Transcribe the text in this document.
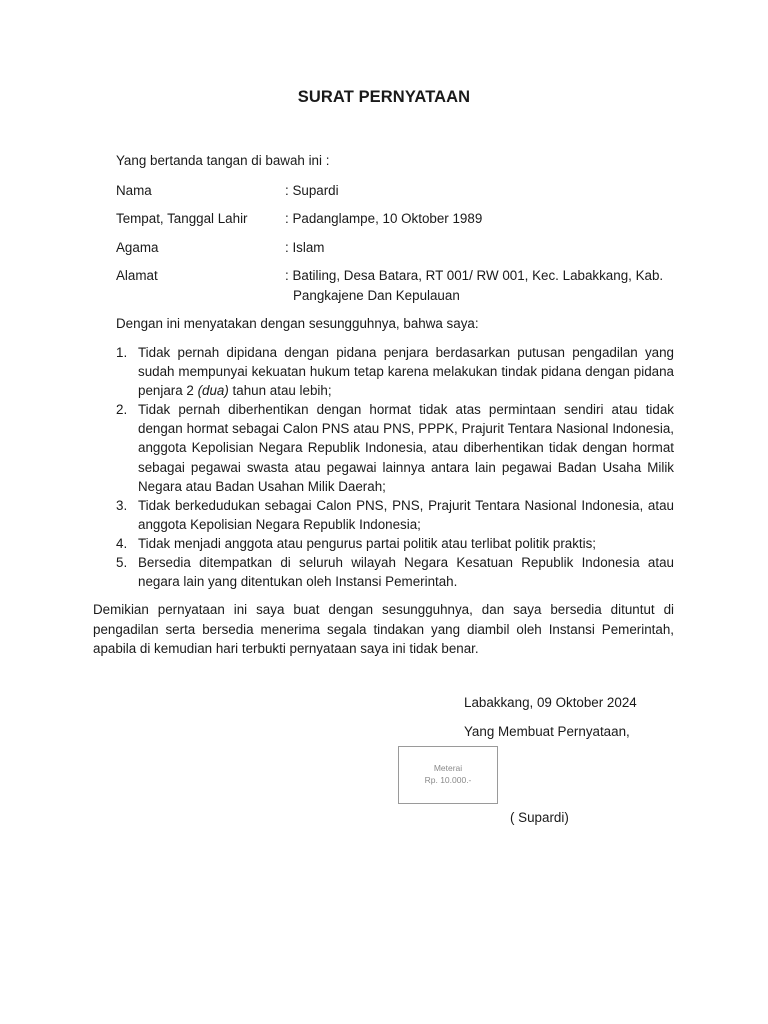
SURAT PERNYATAAN
Yang bertanda tangan di bawah ini :
Nama	: Supardi
Tempat, Tanggal Lahir	: Padanglampe, 10 Oktober 1989
Agama	: Islam
Alamat	: Batiling, Desa Batara, RT 001/ RW 001, Kec. Labakkang, Kab.
Pangkajene Dan Kepulauan
Dengan ini menyatakan dengan sesungguhnya, bahwa saya:
1. Tidak pernah dipidana dengan pidana penjara berdasarkan putusan pengadilan yang sudah mempunyai kekuatan hukum tetap karena melakukan tindak pidana dengan pidana penjara 2 (dua) tahun atau lebih;
2. Tidak pernah diberhentikan dengan hormat tidak atas permintaan sendiri atau tidak dengan hormat sebagai Calon PNS atau PNS, PPPK, Prajurit Tentara Nasional Indonesia, anggota Kepolisian Negara Republik Indonesia, atau diberhentikan tidak dengan hormat sebagai pegawai swasta atau pegawai lainnya antara lain pegawai Badan Usaha Milik Negara atau Badan Usahan Milik Daerah;
3. Tidak berkedudukan sebagai Calon PNS, PNS, Prajurit Tentara Nasional Indonesia, atau anggota Kepolisian Negara Republik Indonesia;
4. Tidak menjadi anggota atau pengurus partai politik atau terlibat politik praktis;
5. Bersedia ditempatkan di seluruh wilayah Negara Kesatuan Republik Indonesia atau negara lain yang ditentukan oleh Instansi Pemerintah.
Demikian pernyataan ini saya buat dengan sesungguhnya, dan saya bersedia dituntut di pengadilan serta bersedia menerima segala tindakan yang diambil oleh Instansi Pemerintah, apabila di kemudian hari terbukti pernyataan saya ini tidak benar.
Labakkang, 09 Oktober 2024
Yang Membuat Pernyataan,
Meterai
Rp. 10.000.-
( Supardi)
